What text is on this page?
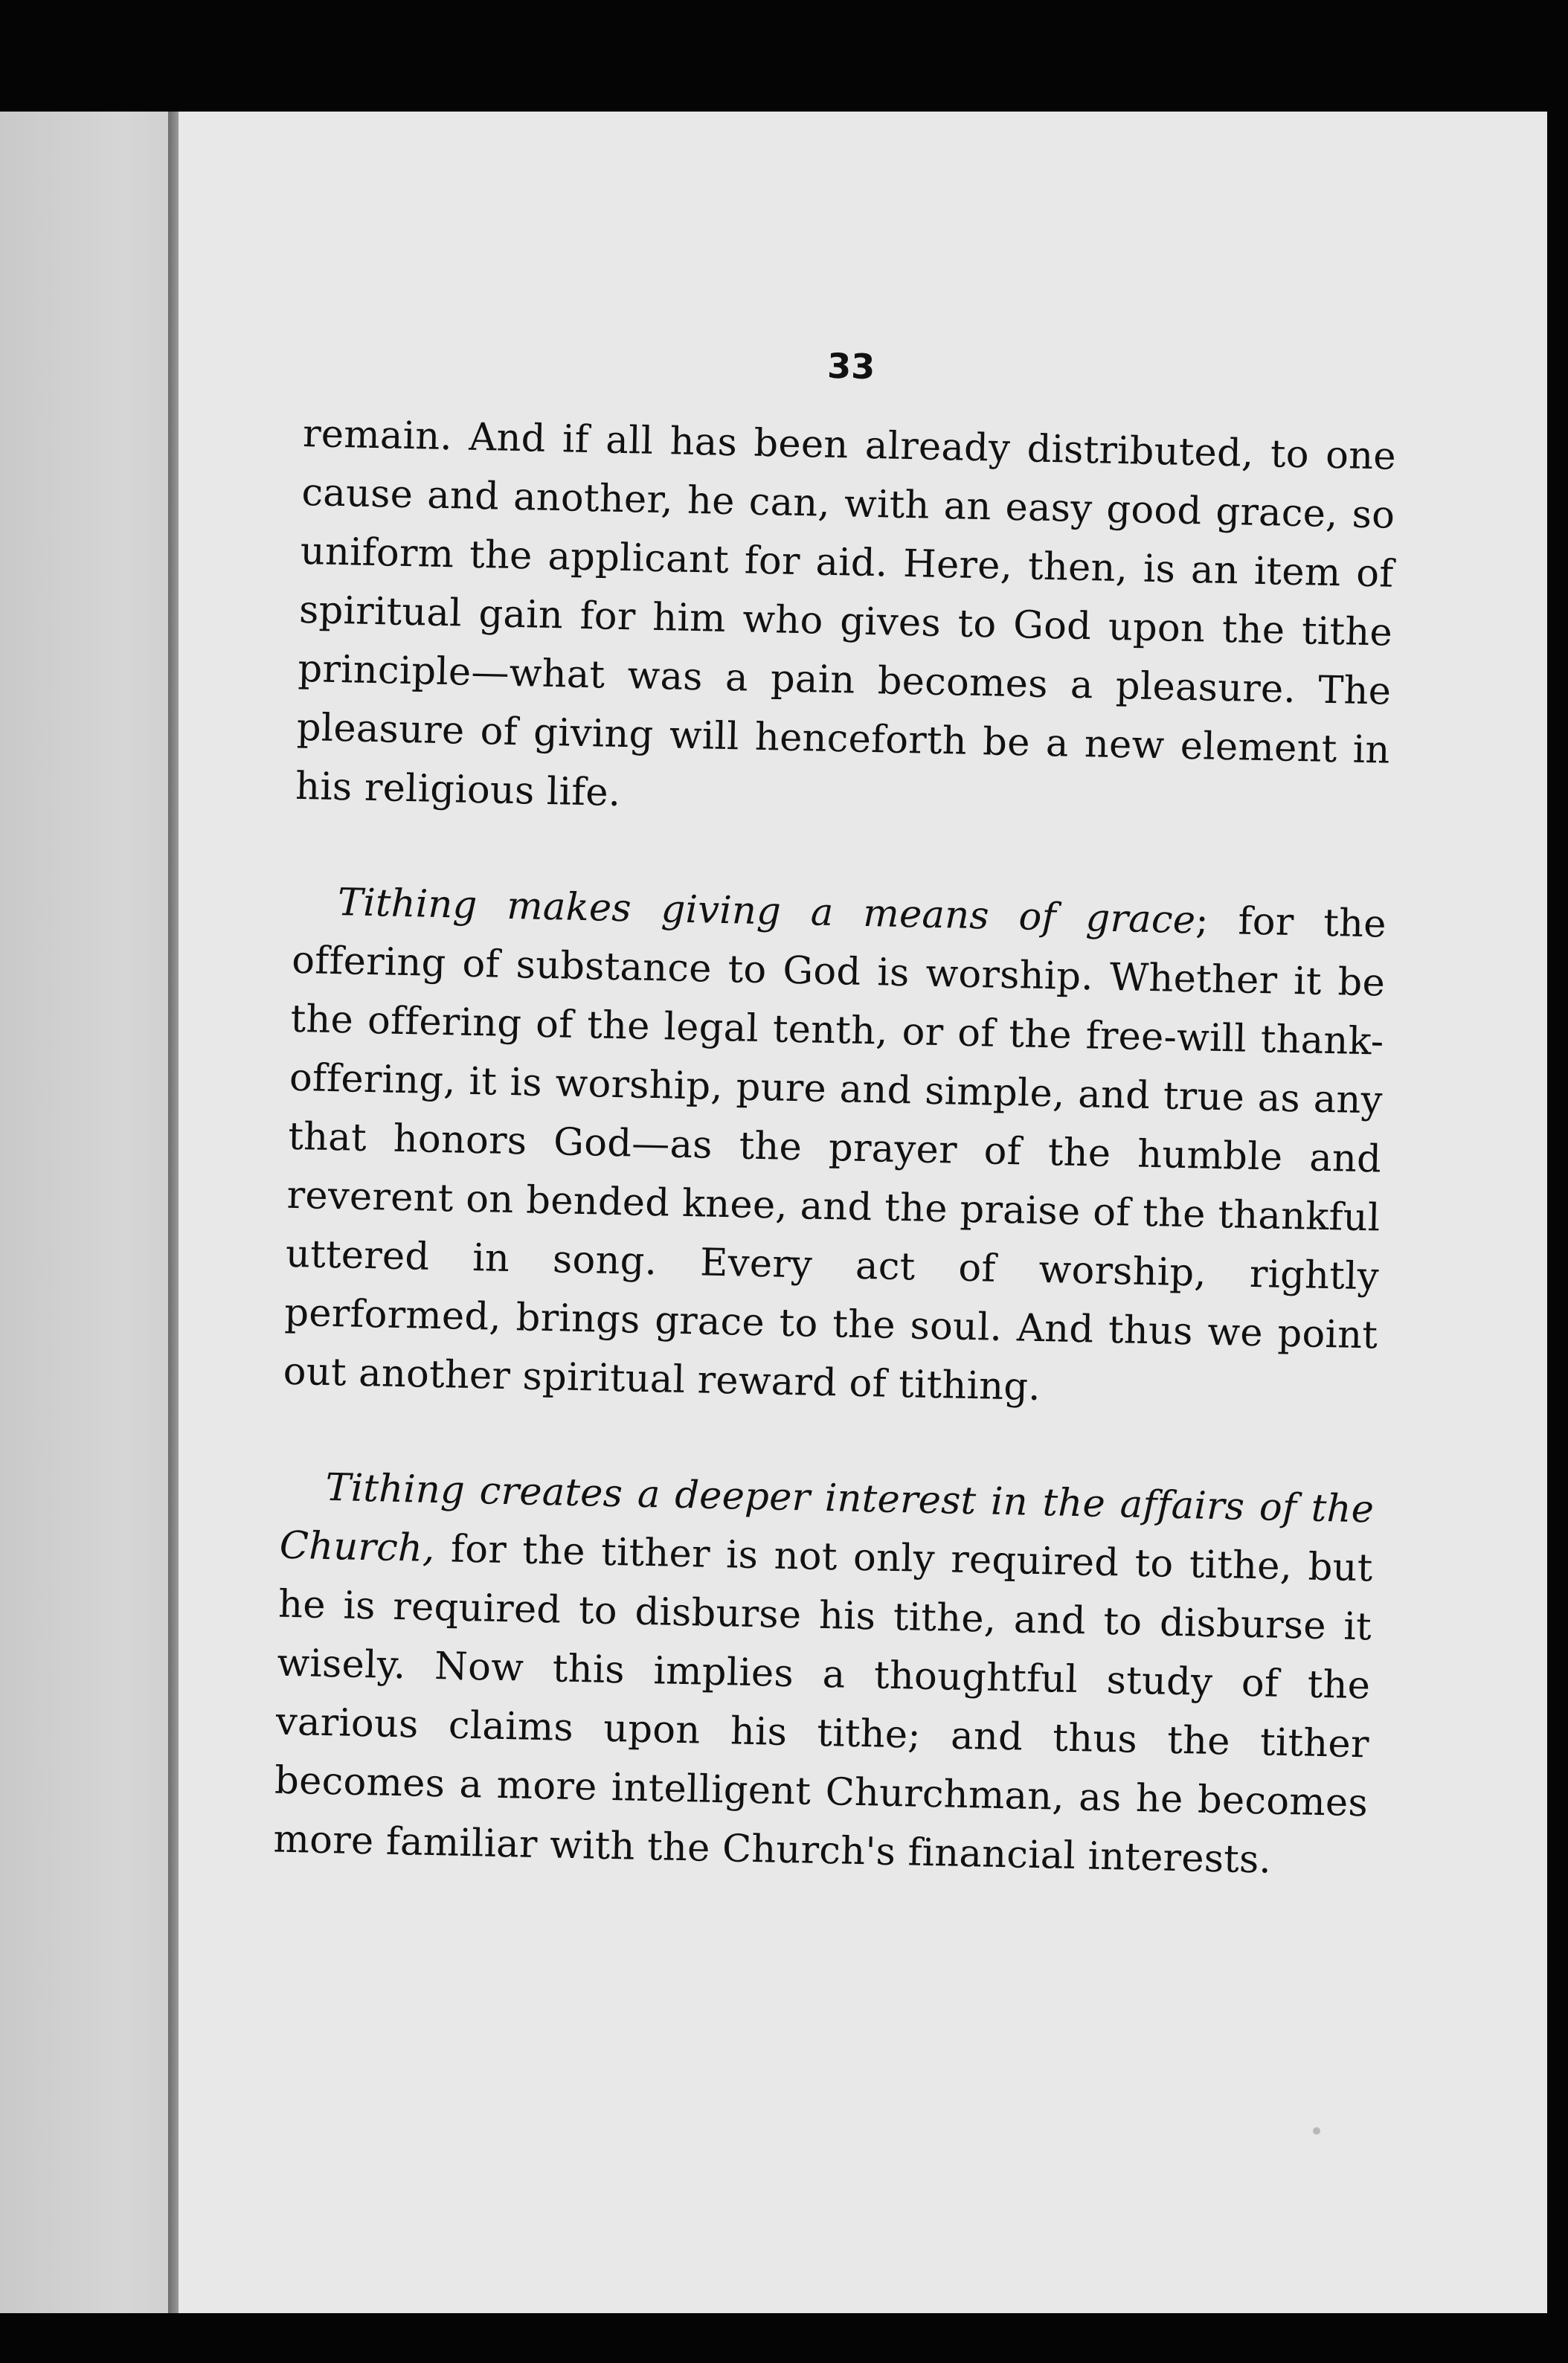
33

remain. And if all has been already distributed, to one cause and another, he can, with an easy good grace, so uniform the applicant for aid. Here, then, is an item of spiritual gain for him who gives to God upon the tithe principle—what was a pain becomes a pleasure. The pleasure of giving will henceforth be a new element in his religious life.

Tithing makes giving a means of grace; for the offering of substance to God is worship. Whether it be the offering of the legal tenth, or of the free-will thank-offering, it is worship, pure and simple, and true as any that honors God—as the prayer of the humble and reverent on bended knee, and the praise of the thankful uttered in song. Every act of worship, rightly performed, brings grace to the soul. And thus we point out another spiritual reward of tithing.

Tithing creates a deeper interest in the affairs of the Church, for the tither is not only required to tithe, but he is required to disburse his tithe, and to disburse it wisely. Now this implies a thoughtful study of the various claims upon his tithe; and thus the tither becomes a more intelligent Churchman, as he becomes more familiar with the Church's financial interests.
